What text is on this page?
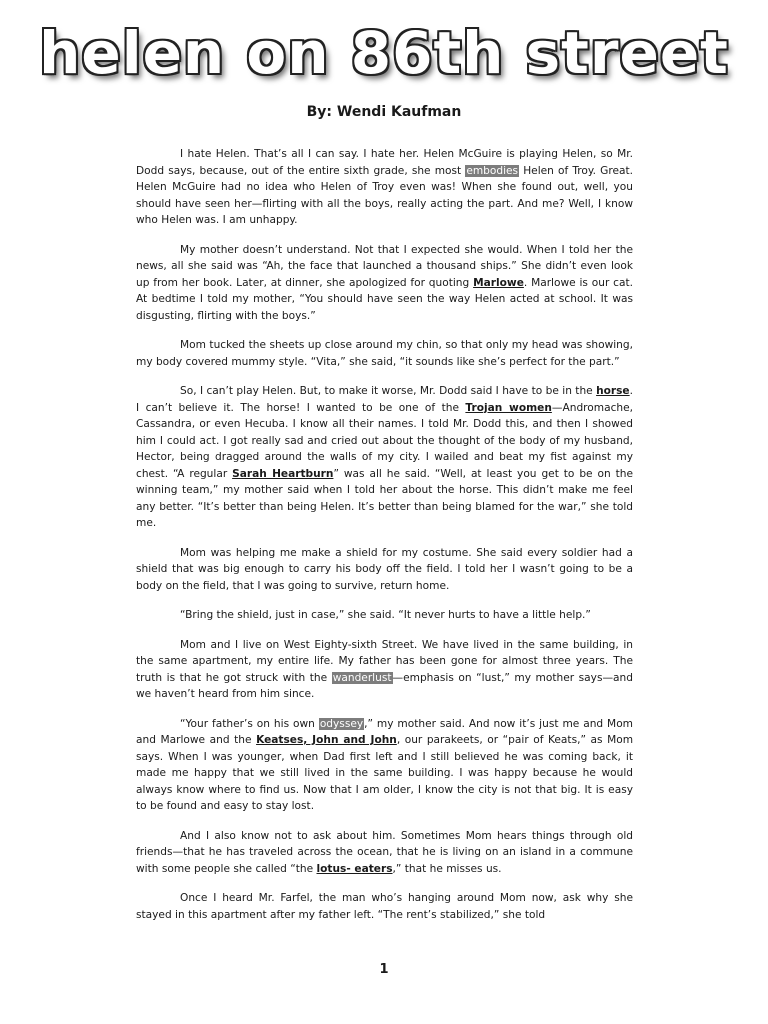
helen on 86th street
By: Wendi Kaufman

I hate Helen. That’s all I can say. I hate her. Helen McGuire is playing Helen, so Mr. Dodd says, because, out of the entire sixth grade, she most embodies Helen of Troy. Great. Helen McGuire had no idea who Helen of Troy even was! When she found out, well, you should have seen her—flirting with all the boys, really acting the part. And me? Well, I know who Helen was. I am unhappy.

My mother doesn’t understand. Not that I expected she would. When I told her the news, all she said was “Ah, the face that launched a thousand ships.” She didn’t even look up from her book. Later, at dinner, she apologized for quoting Marlowe. Marlowe is our cat. At bedtime I told my mother, “You should have seen the way Helen acted at school. It was disgusting, flirting with the boys.”

Mom tucked the sheets up close around my chin, so that only my head was showing, my body covered mummy style. “Vita,” she said, “it sounds like she’s perfect for the part.”

So, I can’t play Helen. But, to make it worse, Mr. Dodd said I have to be in the horse. I can’t believe it. The horse! I wanted to be one of the Trojan women—Andromache, Cassandra, or even Hecuba. I know all their names. I told Mr. Dodd this, and then I showed him I could act. I got really sad and cried out about the thought of the body of my husband, Hector, being dragged around the walls of my city. I wailed and beat my fist against my chest. “A regular Sarah Heartburn” was all he said. “Well, at least you get to be on the winning team,” my mother said when I told her about the horse. This didn’t make me feel any better. “It’s better than being Helen. It’s better than being blamed for the war,” she told me.

Mom was helping me make a shield for my costume. She said every soldier had a shield that was big enough to carry his body off the field. I told her I wasn’t going to be a body on the field, that I was going to survive, return home.

“Bring the shield, just in case,” she said. “It never hurts to have a little help.”

Mom and I live on West Eighty-sixth Street. We have lived in the same building, in the same apartment, my entire life. My father has been gone for almost three years. The truth is that he got struck with the wanderlust—emphasis on “lust,” my mother says—and we haven’t heard from him since.

“Your father’s on his own odyssey,” my mother said. And now it’s just me and Mom and Marlowe and the Keatses, John and John, our parakeets, or “pair of Keats,” as Mom says. When I was younger, when Dad first left and I still believed he was coming back, it made me happy that we still lived in the same building. I was happy because he would always know where to find us. Now that I am older, I know the city is not that big. It is easy to be found and easy to stay lost.

And I also know not to ask about him. Sometimes Mom hears things through old friends—that he has traveled across the ocean, that he is living on an island in a commune with some people she called “the lotus- eaters,” that he misses us.

Once I heard Mr. Farfel, the man who’s hanging around Mom now, ask why she stayed in this apartment after my father left. “The rent’s stabilized,” she told

1
